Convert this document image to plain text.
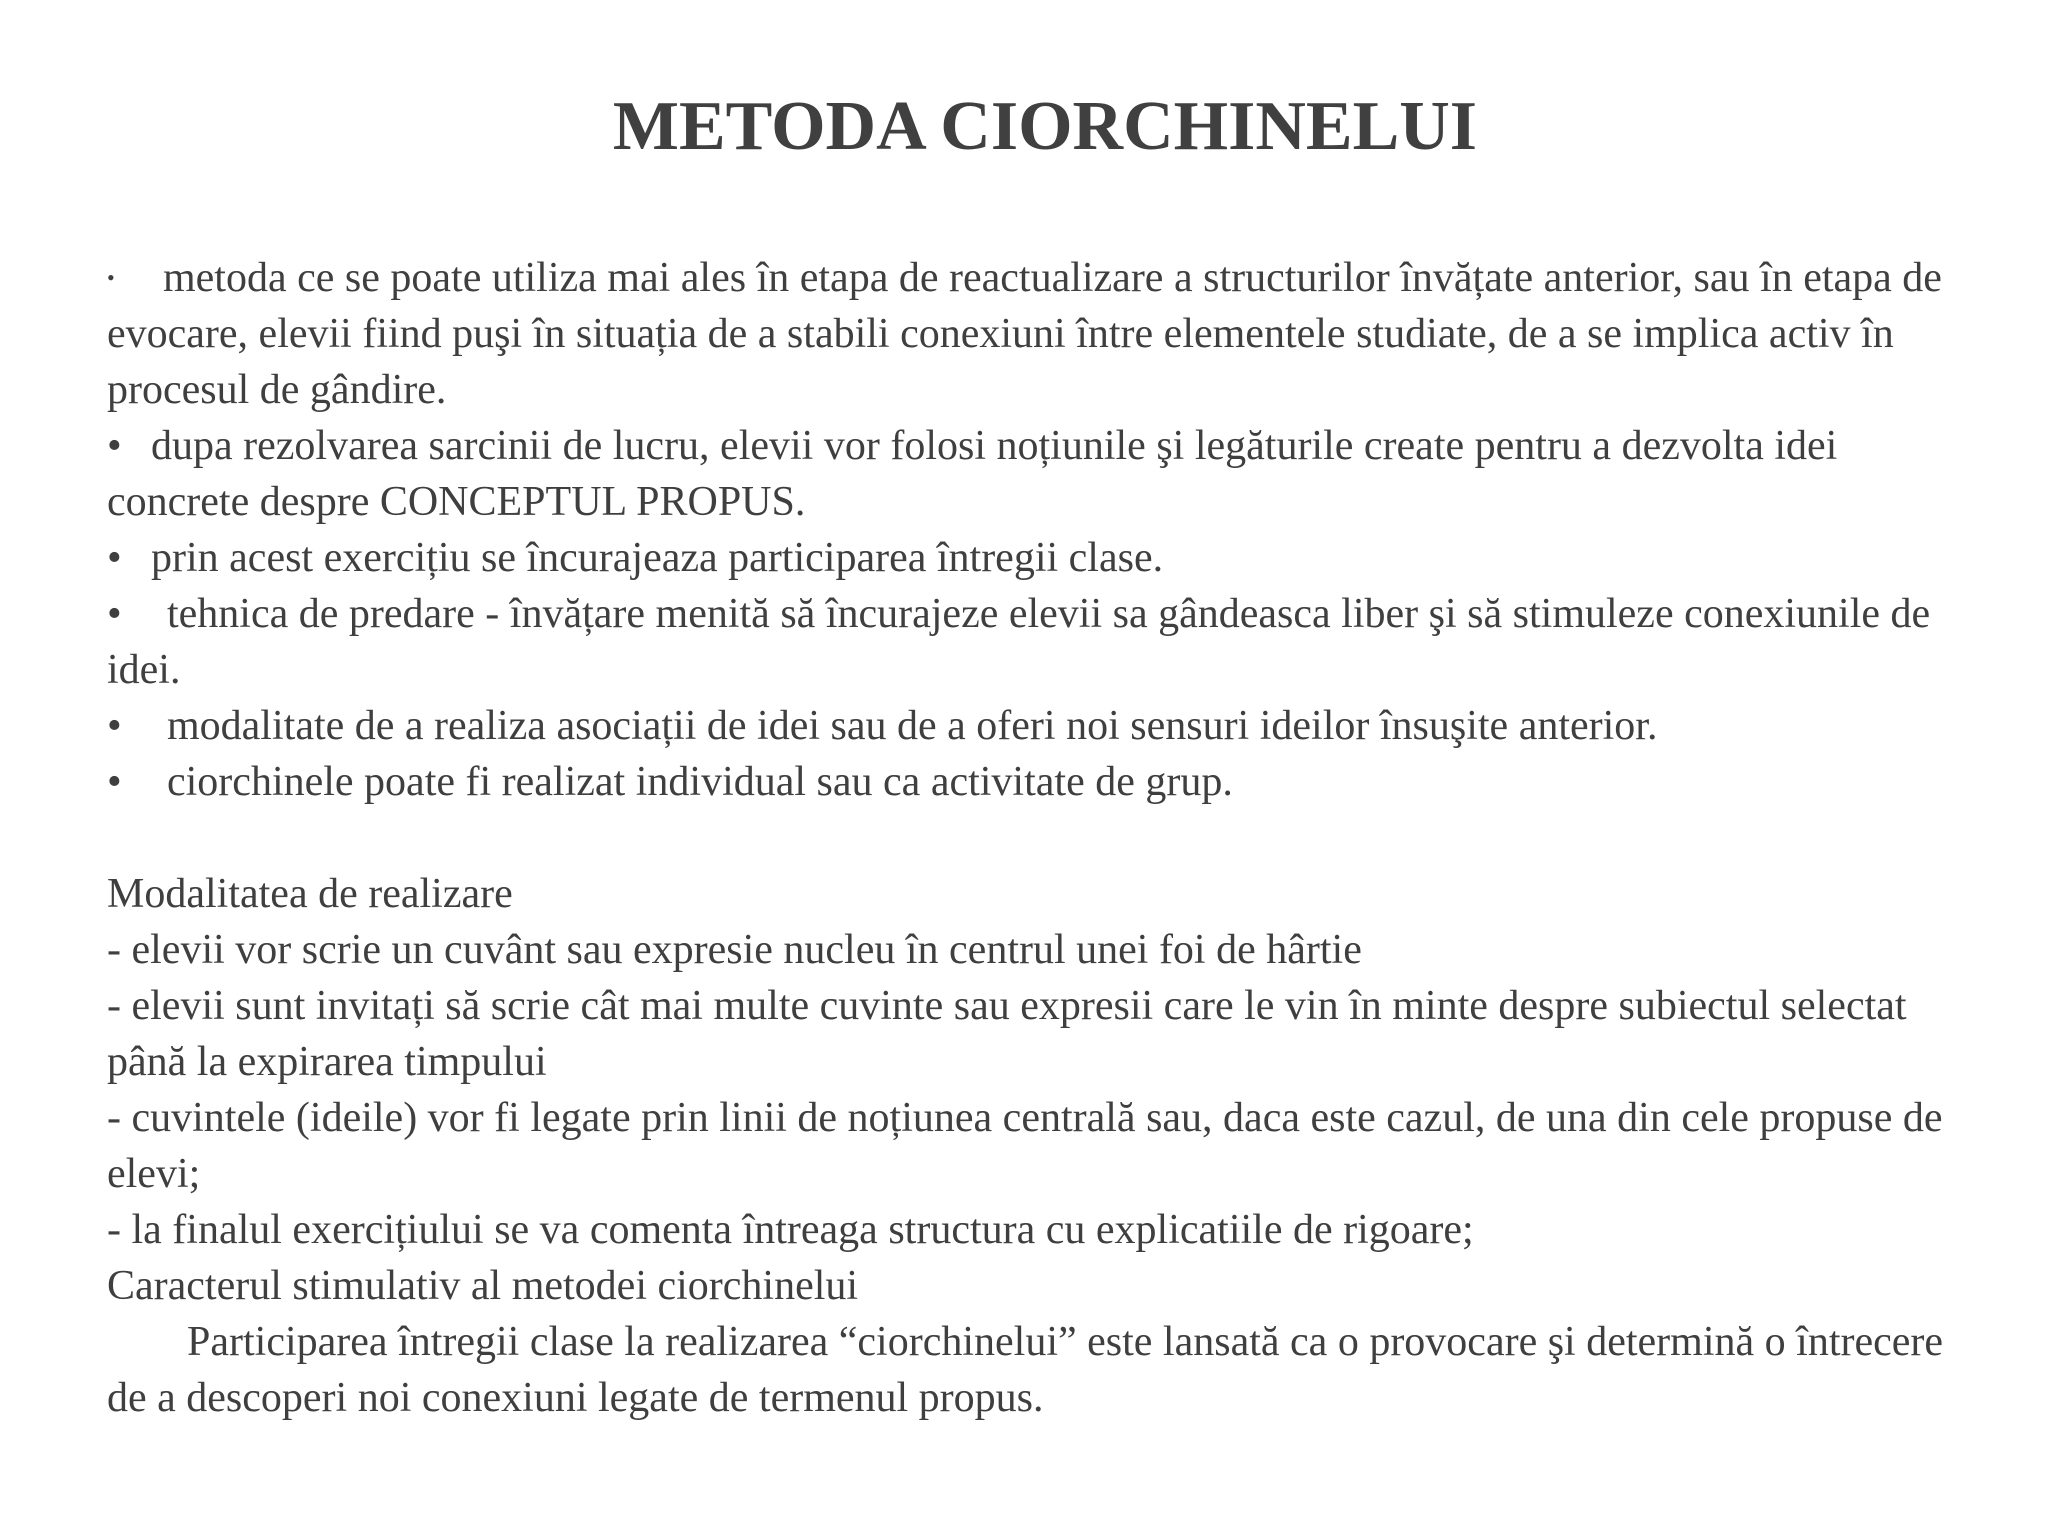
METODA CIORCHINELUI

• metoda ce se poate utiliza mai ales în etapa de reactualizare a structurilor învățate anterior, sau în etapa de evocare, elevii fiind puşi în situația de a stabili conexiuni între elementele studiate, de a se implica activ în procesul de gândire.

• dupa rezolvarea sarcinii de lucru, elevii vor folosi noțiunile şi legăturile create pentru a dezvolta idei concrete despre CONCEPTUL PROPUS.

• prin acest exercițiu se încurajeaza participarea întregii clase.

• tehnica de predare - învățare menită să încurajeze elevii sa gândeasca liber şi să stimuleze conexiunile de idei.

• modalitate de a realiza asociații de idei sau de a oferi noi sensuri ideilor însuşite anterior.

• ciorchinele poate fi realizat individual sau ca activitate de grup.

Modalitatea de realizare

- elevii vor scrie un cuvânt sau expresie nucleu în centrul unei foi de hârtie

- elevii sunt invitați să scrie cât mai multe cuvinte sau expresii care le vin în minte despre subiectul selectat până la expirarea timpului

- cuvintele (ideile) vor fi legate prin linii de noțiunea centrală sau, daca este cazul, de una din cele propuse de elevi;

- la finalul exercițiului se va comenta întreaga structura cu explicatiile de rigoare;

Caracterul stimulativ al metodei ciorchinelui

Participarea întregii clase la realizarea “ciorchinelui” este lansată ca o provocare şi determină o întrecere de a descoperi noi conexiuni legate de termenul propus.
